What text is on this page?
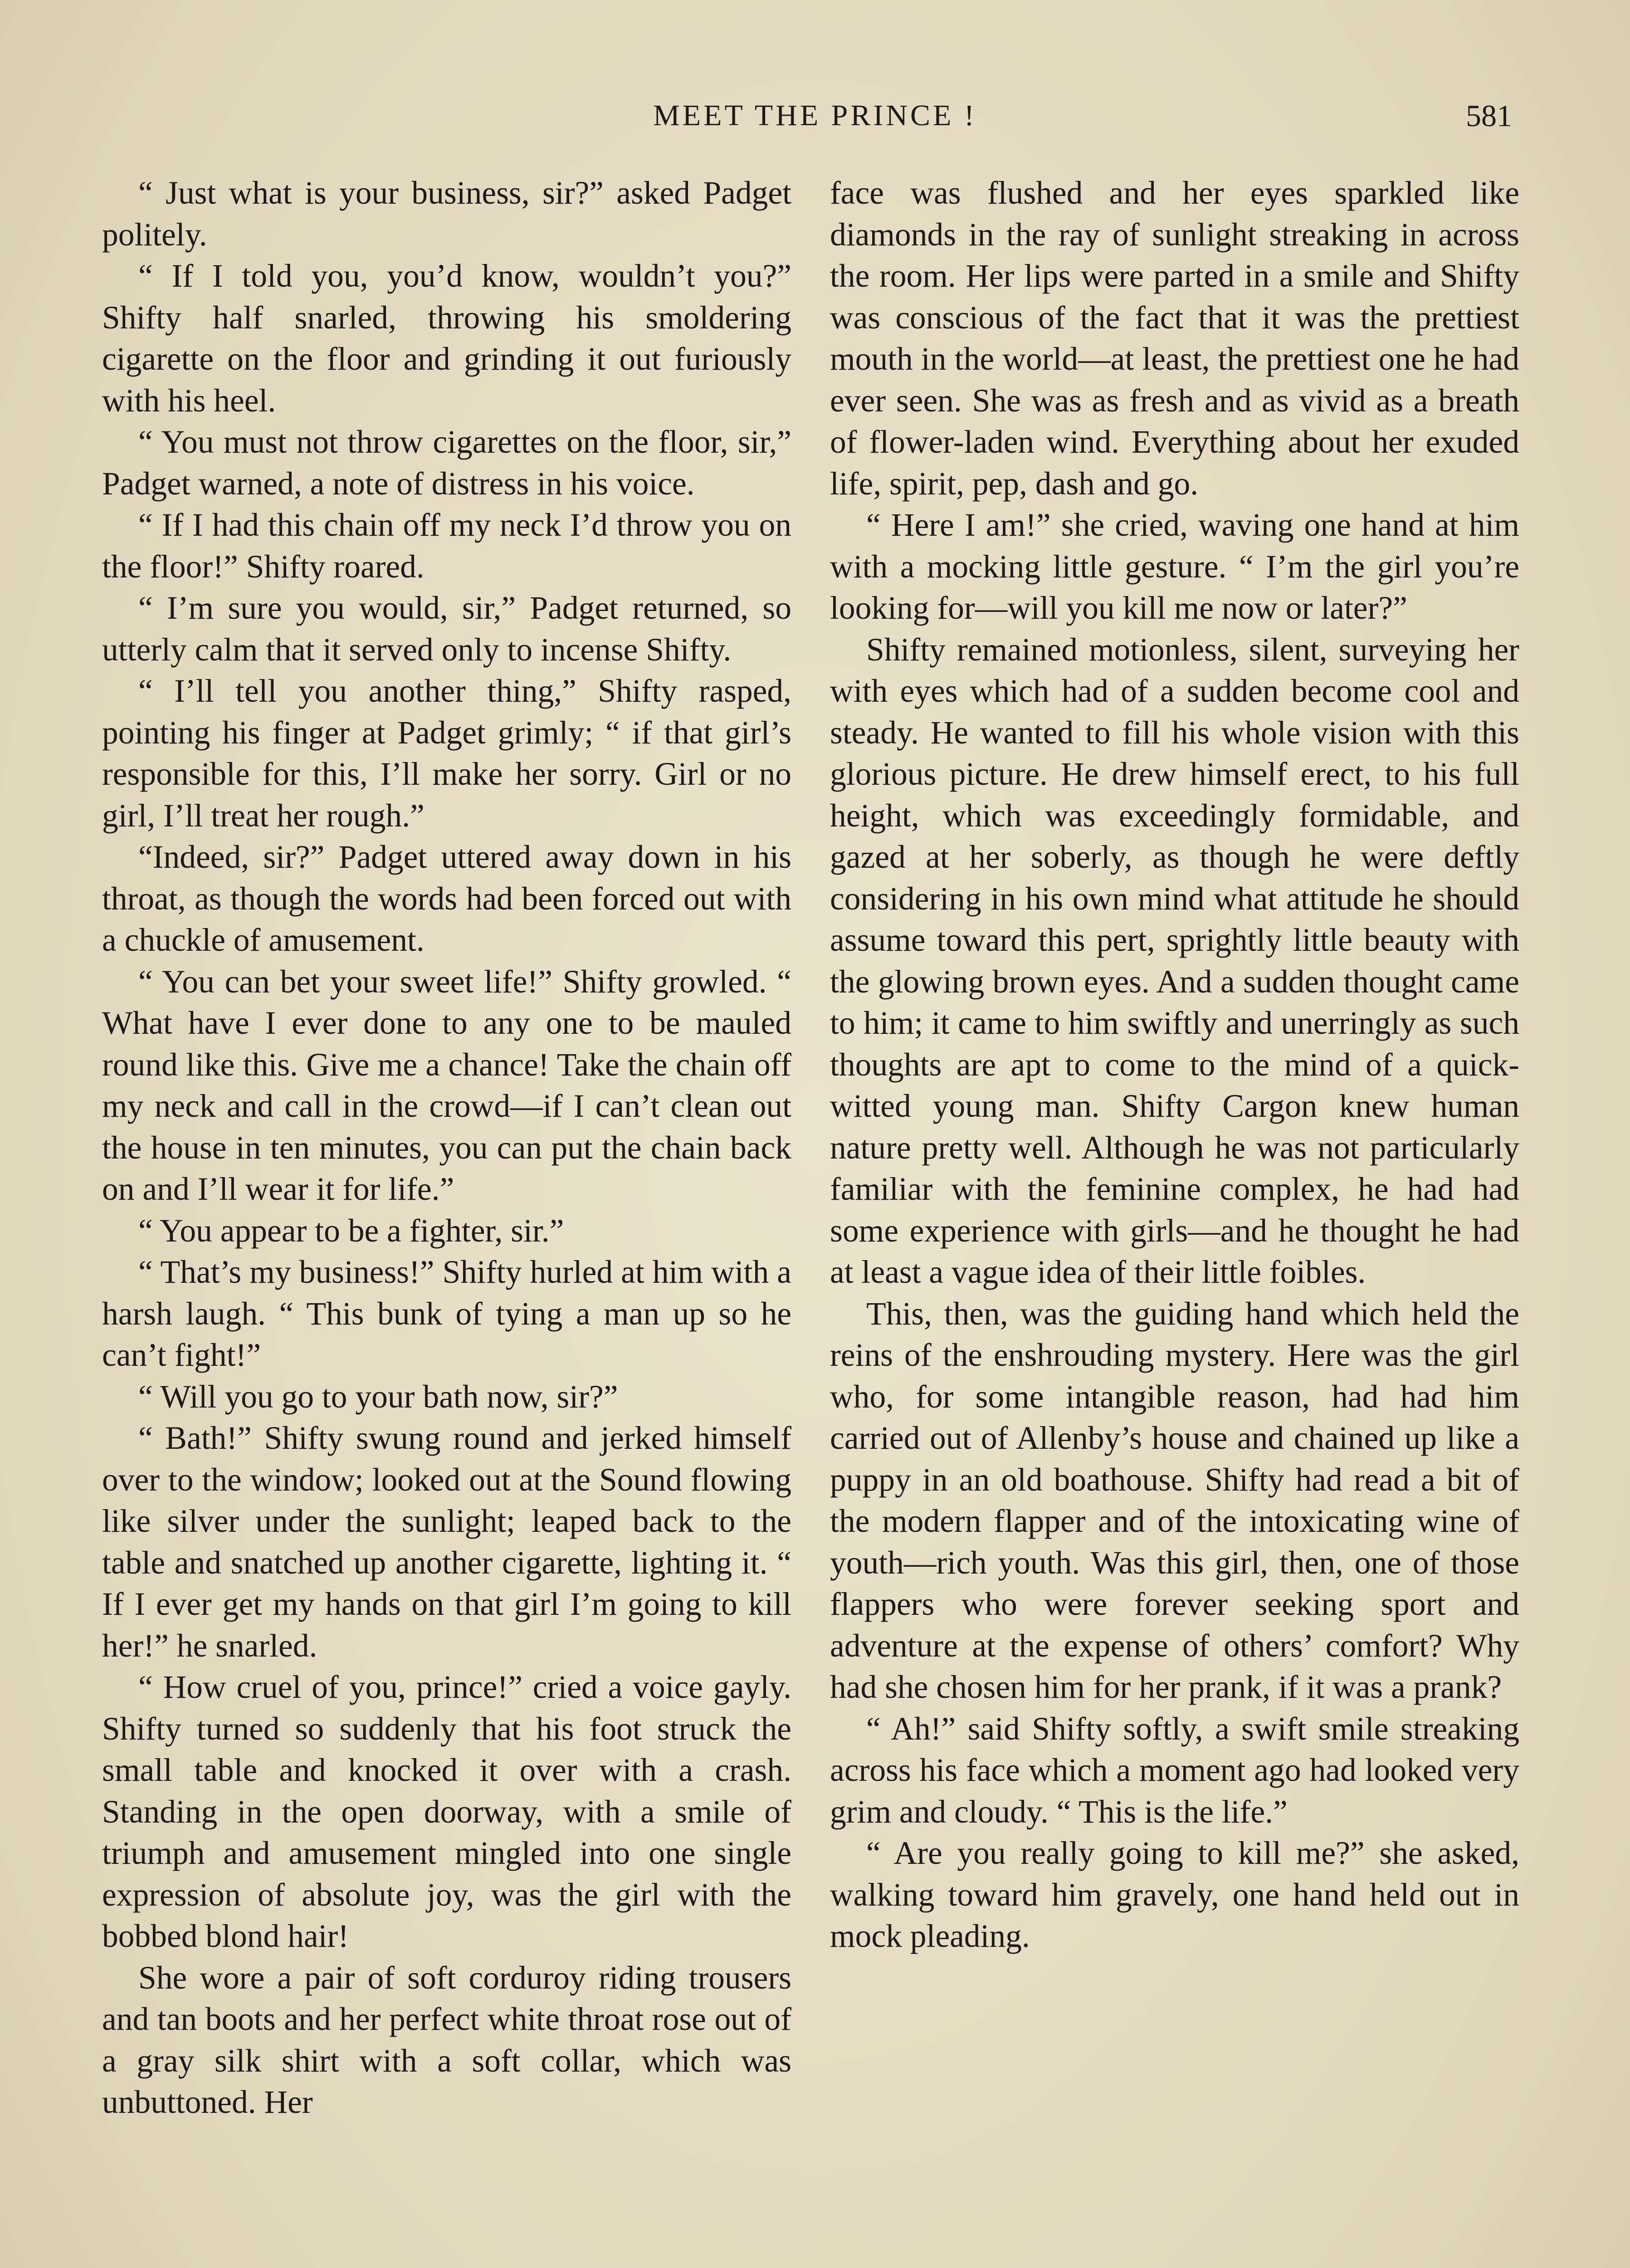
MEET THE PRINCE !	581

“ Just what is your business, sir?” asked Padget politely.

“ If I told you, you’d know, wouldn’t you?” Shifty half snarled, throwing his smoldering cigarette on the floor and grinding it out furiously with his heel.

“ You must not throw cigarettes on the floor, sir,” Padget warned, a note of distress in his voice.

“ If I had this chain off my neck I’d throw you on the floor!” Shifty roared.

“ I’m sure you would, sir,” Padget returned, so utterly calm that it served only to incense Shifty.

“ I’ll tell you another thing,” Shifty rasped, pointing his finger at Padget grimly; “ if that girl’s responsible for this, I’ll make her sorry. Girl or no girl, I’ll treat her rough.”

“Indeed, sir?” Padget uttered away down in his throat, as though the words had been forced out with a chuckle of amusement.

“ You can bet your sweet life!” Shifty growled. “ What have I ever done to any one to be mauled round like this. Give me a chance! Take the chain off my neck and call in the crowd—if I can’t clean out the house in ten minutes, you can put the chain back on and I’ll wear it for life.”

“ You appear to be a fighter, sir.”

“ That’s my business!” Shifty hurled at him with a harsh laugh. “ This bunk of tying a man up so he can’t fight!”

“ Will you go to your bath now, sir?”

“ Bath!” Shifty swung round and jerked himself over to the window; looked out at the Sound flowing like silver under the sunlight; leaped back to the table and snatched up another cigarette, lighting it. “ If I ever get my hands on that girl I’m going to kill her!” he snarled.

“ How cruel of you, prince!” cried a voice gayly. Shifty turned so suddenly that his foot struck the small table and knocked it over with a crash. Standing in the open doorway, with a smile of triumph and amusement mingled into one single expression of absolute joy, was the girl with the bobbed blond hair!

She wore a pair of soft corduroy riding trousers and tan boots and her perfect white throat rose out of a gray silk shirt with a soft collar, which was unbuttoned. Her

face was flushed and her eyes sparkled like diamonds in the ray of sunlight streaking in across the room. Her lips were parted in a smile and Shifty was conscious of the fact that it was the prettiest mouth in the world—at least, the prettiest one he had ever seen. She was as fresh and as vivid as a breath of flower-laden wind. Everything about her exuded life, spirit, pep, dash and go.

“ Here I am!” she cried, waving one hand at him with a mocking little gesture. “ I’m the girl you’re looking for—will you kill me now or later?”

Shifty remained motionless, silent, surveying her with eyes which had of a sudden become cool and steady. He wanted to fill his whole vision with this glorious picture. He drew himself erect, to his full height, which was exceedingly formidable, and gazed at her soberly, as though he were deftly considering in his own mind what attitude he should assume toward this pert, sprightly little beauty with the glowing brown eyes. And a sudden thought came to him; it came to him swiftly and unerringly as such thoughts are apt to come to the mind of a quick-witted young man. Shifty Cargon knew human nature pretty well. Although he was not particularly familiar with the feminine complex, he had had some experience with girls—and he thought he had at least a vague idea of their little foibles.

This, then, was the guiding hand which held the reins of the enshrouding mystery. Here was the girl who, for some intangible reason, had had him carried out of Allenby’s house and chained up like a puppy in an old boathouse. Shifty had read a bit of the modern flapper and of the intoxicating wine of youth—rich youth. Was this girl, then, one of those flappers who were forever seeking sport and adventure at the expense of others’ comfort? Why had she chosen him for her prank, if it was a prank?

“ Ah!” said Shifty softly, a swift smile streaking across his face which a moment ago had looked very grim and cloudy. “ This is the life.”

“ Are you really going to kill me?” she asked, walking toward him gravely, one hand held out in mock pleading.
